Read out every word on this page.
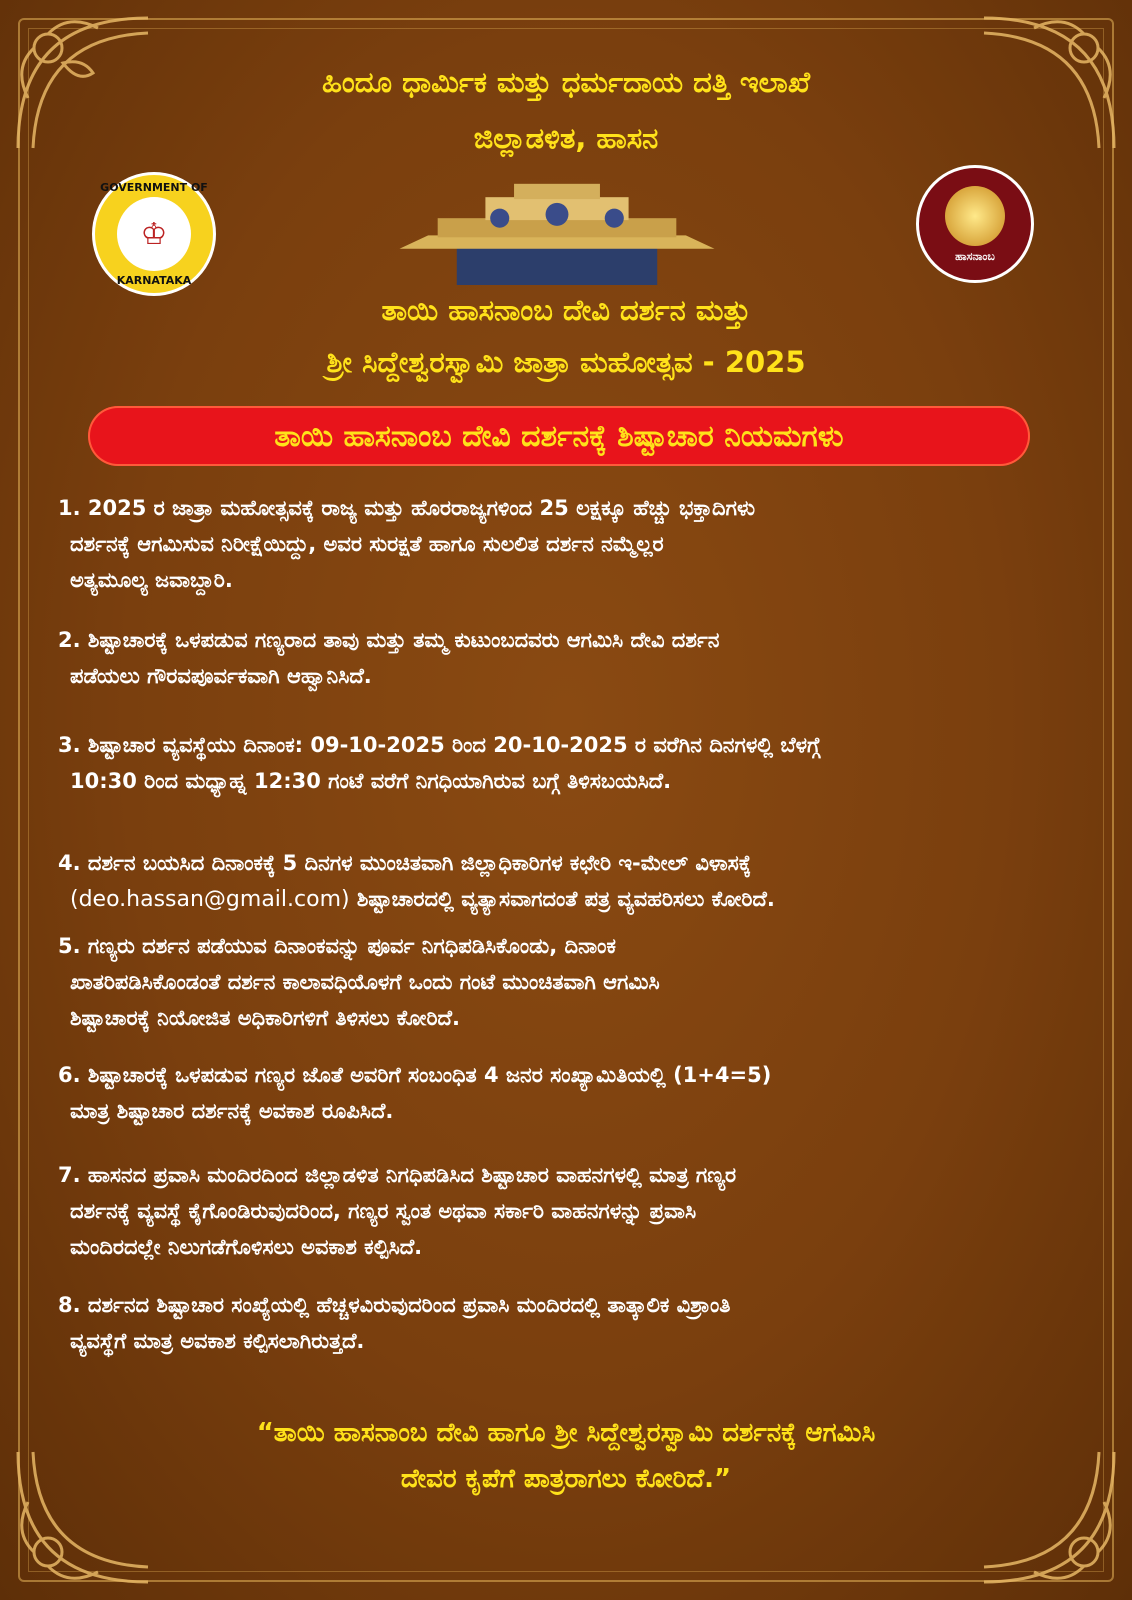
ಹಿಂದೂ ಧಾರ್ಮಿಕ ಮತ್ತು ಧರ್ಮದಾಯ ದತ್ತಿ ಇಲಾಖೆ
ಜಿಲ್ಲಾಡಳಿತ, ಹಾಸನ
GOVERNMENT OF
♔
KARNATAKA
ಹಾಸನಾಂಬ
ತಾಯಿ ಹಾಸನಾಂಬ ದೇವಿ ದರ್ಶನ ಮತ್ತು
ಶ್ರೀ ಸಿದ್ದೇಶ್ವರಸ್ವಾಮಿ ಜಾತ್ರಾ ಮಹೋತ್ಸವ - 2025
ತಾಯಿ ಹಾಸನಾಂಬ ದೇವಿ ದರ್ಶನಕ್ಕೆ ಶಿಷ್ಟಾಚಾರ ನಿಯಮಗಳು
1. 2025 ರ ಜಾತ್ರಾ ಮಹೋತ್ಸವಕ್ಕೆ ರಾಜ್ಯ ಮತ್ತು ಹೊರರಾಜ್ಯಗಳಿಂದ 25 ಲಕ್ಷಕ್ಕೂ ಹೆಚ್ಚು ಭಕ್ತಾದಿಗಳು
ದರ್ಶನಕ್ಕೆ ಆಗಮಿಸುವ ನಿರೀಕ್ಷೆಯಿದ್ದು, ಅವರ ಸುರಕ್ಷತೆ ಹಾಗೂ ಸುಲಲಿತ ದರ್ಶನ ನಮ್ಮೆಲ್ಲರ
ಅತ್ಯಮೂಲ್ಯ ಜವಾಬ್ದಾರಿ.
2. ಶಿಷ್ಟಾಚಾರಕ್ಕೆ ಒಳಪಡುವ ಗಣ್ಯರಾದ ತಾವು ಮತ್ತು ತಮ್ಮ ಕುಟುಂಬದವರು ಆಗಮಿಸಿ ದೇವಿ ದರ್ಶನ
ಪಡೆಯಲು ಗೌರವಪೂರ್ವಕವಾಗಿ ಆಹ್ವಾನಿಸಿದೆ.
3. ಶಿಷ್ಟಾಚಾರ ವ್ಯವಸ್ಥೆಯು ದಿನಾಂಕ: 09-10-2025 ರಿಂದ 20-10-2025 ರ ವರೆಗಿನ ದಿನಗಳಲ್ಲಿ ಬೆಳಗ್ಗೆ
10:30 ರಿಂದ ಮಧ್ಯಾಹ್ನ 12:30 ಗಂಟೆ ವರೆಗೆ ನಿಗಧಿಯಾಗಿರುವ ಬಗ್ಗೆ ತಿಳಿಸಬಯಸಿದೆ.
4. ದರ್ಶನ ಬಯಸಿದ ದಿನಾಂಕಕ್ಕೆ 5 ದಿನಗಳ ಮುಂಚಿತವಾಗಿ ಜಿಲ್ಲಾಧಿಕಾರಿಗಳ ಕಛೇರಿ ಇ-ಮೇಲ್ ವಿಳಾಸಕ್ಕೆ
(deo.hassan@gmail.com) ಶಿಷ್ಟಾಚಾರದಲ್ಲಿ ವ್ಯತ್ಯಾಸವಾಗದಂತೆ ಪತ್ರ ವ್ಯವಹರಿಸಲು ಕೋರಿದೆ.
5. ಗಣ್ಯರು ದರ್ಶನ ಪಡೆಯುವ ದಿನಾಂಕವನ್ನು ಪೂರ್ವ ನಿಗಧಿಪಡಿಸಿಕೊಂಡು, ದಿನಾಂಕ
ಖಾತರಿಪಡಿಸಿಕೊಂಡಂತೆ ದರ್ಶನ ಕಾಲಾವಧಿಯೊಳಗೆ ಒಂದು ಗಂಟೆ ಮುಂಚಿತವಾಗಿ ಆಗಮಿಸಿ
ಶಿಷ್ಟಾಚಾರಕ್ಕೆ ನಿಯೋಜಿತ ಅಧಿಕಾರಿಗಳಿಗೆ ತಿಳಿಸಲು ಕೋರಿದೆ.
6. ಶಿಷ್ಟಾಚಾರಕ್ಕೆ ಒಳಪಡುವ ಗಣ್ಯರ ಜೊತೆ ಅವರಿಗೆ ಸಂಬಂಧಿತ 4 ಜನರ ಸಂಖ್ಯಾಮಿತಿಯಲ್ಲಿ (1+4=5)
ಮಾತ್ರ ಶಿಷ್ಟಾಚಾರ ದರ್ಶನಕ್ಕೆ ಅವಕಾಶ ರೂಪಿಸಿದೆ.
7. ಹಾಸನದ ಪ್ರವಾಸಿ ಮಂದಿರದಿಂದ ಜಿಲ್ಲಾಡಳಿತ ನಿಗಧಿಪಡಿಸಿದ ಶಿಷ್ಟಾಚಾರ ವಾಹನಗಳಲ್ಲಿ ಮಾತ್ರ ಗಣ್ಯರ
ದರ್ಶನಕ್ಕೆ ವ್ಯವಸ್ಥೆ ಕೈಗೊಂಡಿರುವುದರಿಂದ, ಗಣ್ಯರ ಸ್ವಂತ ಅಥವಾ ಸರ್ಕಾರಿ ವಾಹನಗಳನ್ನು ಪ್ರವಾಸಿ
ಮಂದಿರದಲ್ಲೇ ನಿಲುಗಡೆಗೊಳಿಸಲು ಅವಕಾಶ ಕಲ್ಪಿಸಿದೆ.
8. ದರ್ಶನದ ಶಿಷ್ಟಾಚಾರ ಸಂಖ್ಯೆಯಲ್ಲಿ ಹೆಚ್ಚಳವಿರುವುದರಿಂದ ಪ್ರವಾಸಿ ಮಂದಿರದಲ್ಲಿ ತಾತ್ಕಾಲಿಕ ವಿಶ್ರಾಂತಿ
ವ್ಯವಸ್ಥೆಗೆ ಮಾತ್ರ ಅವಕಾಶ ಕಲ್ಪಿಸಲಾಗಿರುತ್ತದೆ.
“ತಾಯಿ ಹಾಸನಾಂಬ ದೇವಿ ಹಾಗೂ ಶ್ರೀ ಸಿದ್ದೇಶ್ವರಸ್ವಾಮಿ ದರ್ಶನಕ್ಕೆ ಆಗಮಿಸಿ
ದೇವರ ಕೃಪೆಗೆ ಪಾತ್ರರಾಗಲು ಕೋರಿದೆ.”
